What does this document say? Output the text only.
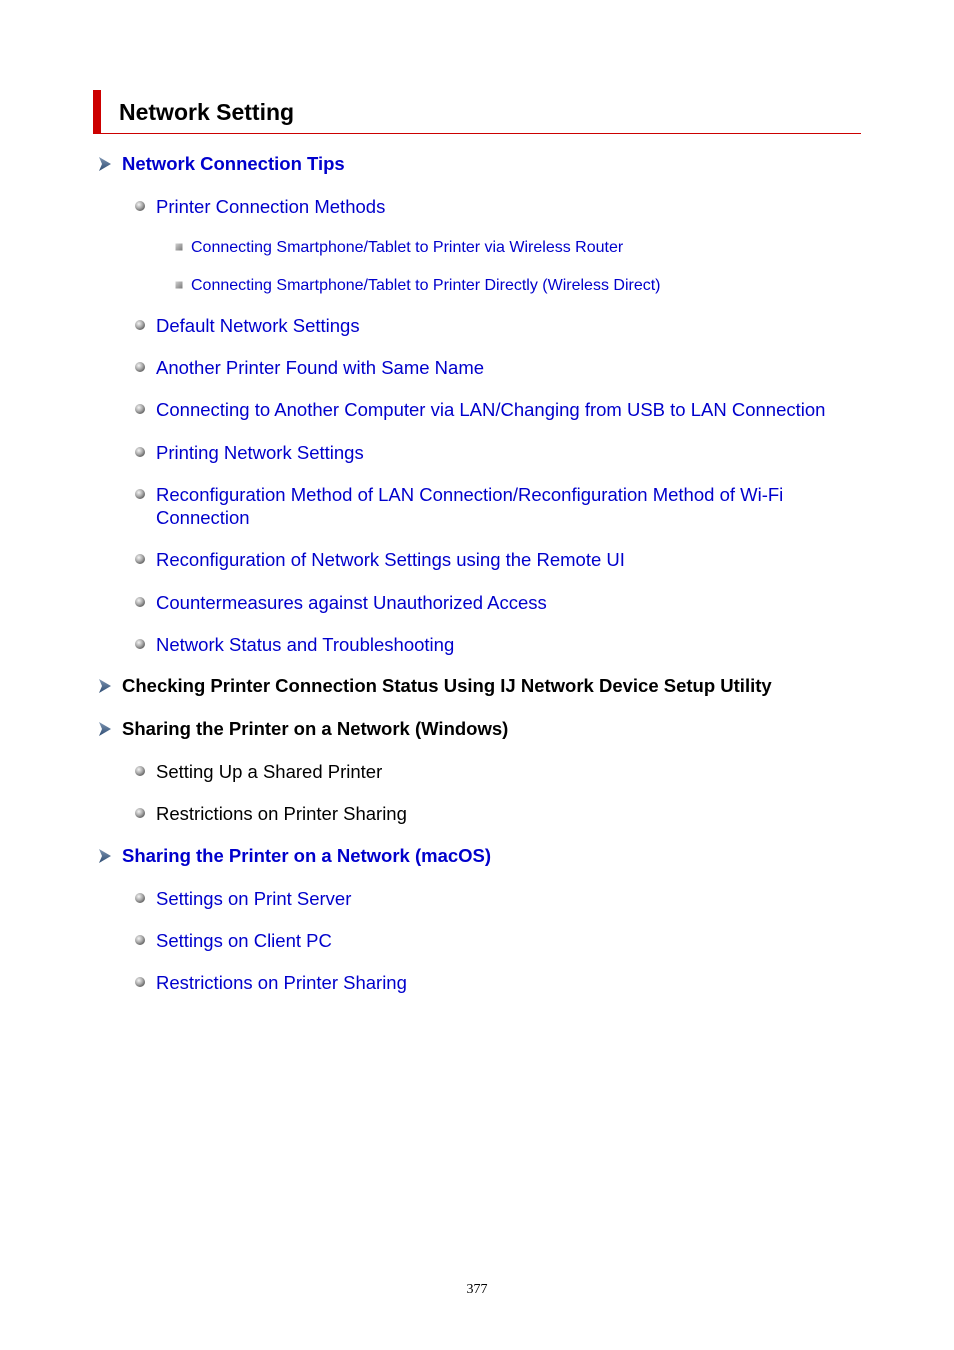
Network Setting
Network Connection Tips
Printer Connection Methods
Connecting Smartphone/Tablet to Printer via Wireless Router
Connecting Smartphone/Tablet to Printer Directly (Wireless Direct)
Default Network Settings
Another Printer Found with Same Name
Connecting to Another Computer via LAN/Changing from USB to LAN Connection
Printing Network Settings
Reconfiguration Method of LAN Connection/Reconfiguration Method of Wi-Fi Connection
Reconfiguration of Network Settings using the Remote UI
Countermeasures against Unauthorized Access
Network Status and Troubleshooting
Checking Printer Connection Status Using IJ Network Device Setup Utility
Sharing the Printer on a Network (Windows)
Setting Up a Shared Printer
Restrictions on Printer Sharing
Sharing the Printer on a Network (macOS)
Settings on Print Server
Settings on Client PC
Restrictions on Printer Sharing
377
